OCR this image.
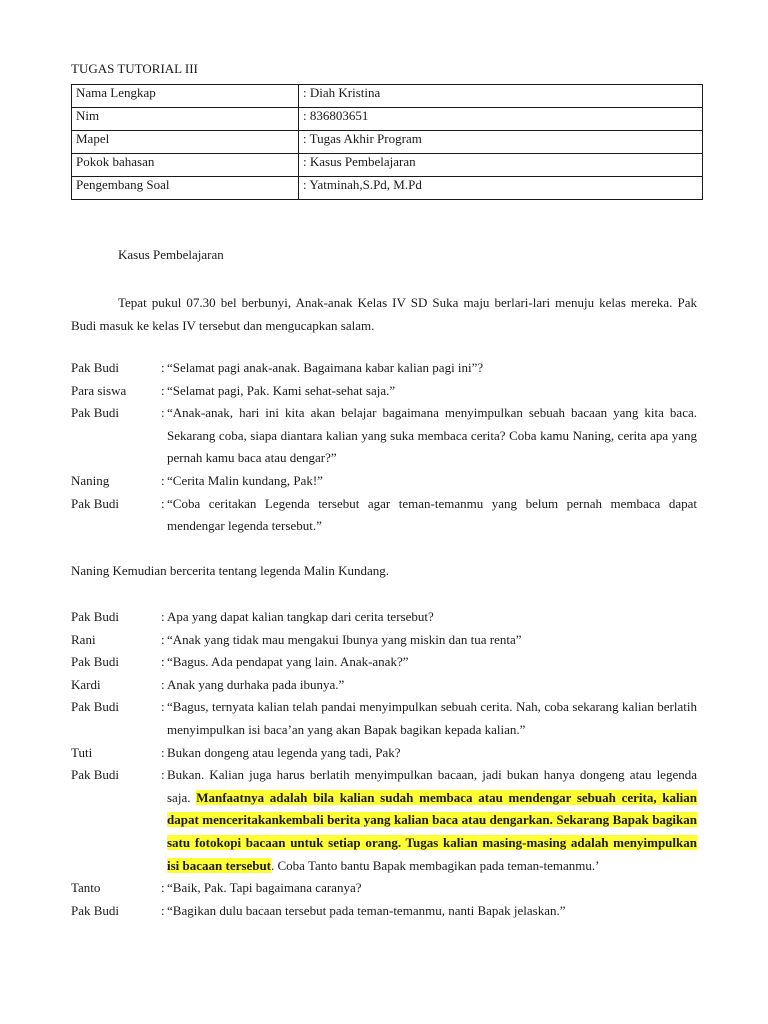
TUGAS TUTORIAL III
Nama Lengkap	: Diah Kristina
Nim	: 836803651
Mapel	: Tugas Akhir Program
Pokok bahasan	: Kasus Pembelajaran
Pengembang Soal	: Yatminah,S.Pd, M.Pd
Kasus Pembelajaran
Tepat pukul 07.30 bel berbunyi, Anak-anak Kelas IV SD Suka maju berlari-lari menuju kelas mereka. Pak Budi masuk ke kelas IV tersebut dan mengucapkan salam.
Pak Budi	: “Selamat pagi anak-anak. Bagaimana kabar kalian pagi ini”?
Para siswa	: “Selamat pagi, Pak. Kami sehat-sehat saja.”
Pak Budi	: “Anak-anak, hari ini kita akan belajar bagaimana menyimpulkan sebuah bacaan yang kita baca. Sekarang coba, siapa diantara kalian yang suka membaca cerita? Coba kamu Naning, cerita apa yang pernah kamu baca atau dengar?”
Naning	: “Cerita Malin kundang, Pak!”
Pak Budi	: “Coba ceritakan Legenda tersebut agar teman-temanmu yang belum pernah membaca dapat mendengar legenda tersebut.”
Naning Kemudian bercerita tentang legenda Malin Kundang.
Pak Budi	: Apa yang dapat kalian tangkap dari cerita tersebut?
Rani	: “Anak yang tidak mau mengakui Ibunya yang miskin dan tua renta”
Pak Budi	: “Bagus. Ada pendapat yang lain. Anak-anak?”
Kardi	: Anak yang durhaka pada ibunya.”
Pak Budi	: “Bagus, ternyata kalian telah pandai menyimpulkan sebuah cerita. Nah, coba sekarang kalian berlatih menyimpulkan isi baca’an yang akan Bapak bagikan kepada kalian.”
Tuti	: Bukan dongeng atau legenda yang tadi, Pak?
Pak Budi	: Bukan. Kalian juga harus berlatih menyimpulkan bacaan, jadi bukan hanya dongeng atau legenda saja. Manfaatnya adalah bila kalian sudah membaca atau mendengar sebuah cerita, kalian dapat menceritakankembali berita yang kalian baca atau dengarkan. Sekarang Bapak bagikan satu fotokopi bacaan untuk setiap orang. Tugas kalian masing-masing adalah menyimpulkan isi bacaan tersebut. Coba Tanto bantu Bapak membagikan pada teman-temanmu.’
Tanto	: “Baik, Pak. Tapi bagaimana caranya?
Pak Budi	: “Bagikan dulu bacaan tersebut pada teman-temanmu, nanti Bapak jelaskan.”
